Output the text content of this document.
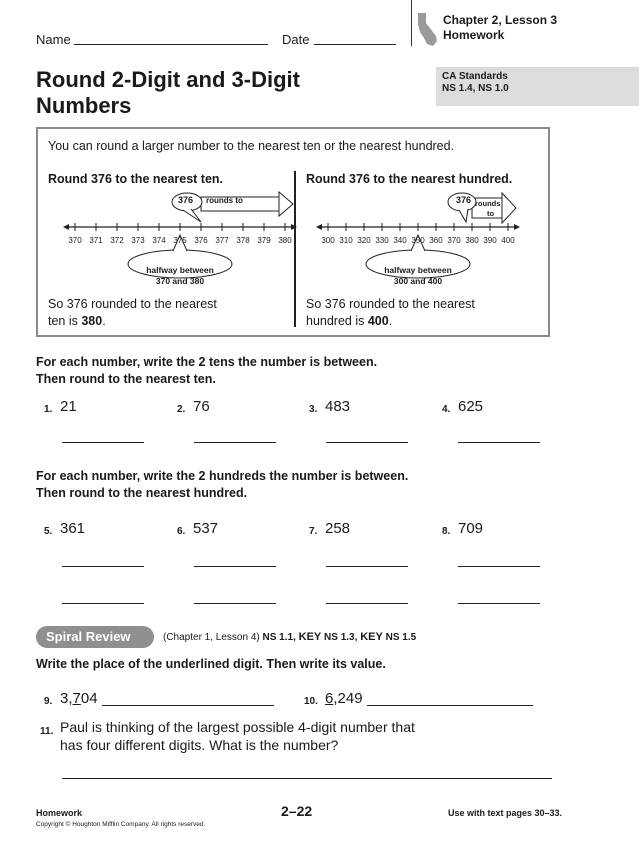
Name	Date
Chapter 2, Lesson 3
Homework
Round 2-Digit and 3-Digit
Numbers
CA Standards
NS 1.4, NS 1.0
You can round a larger number to the nearest ten or the nearest hundred.
Round 376 to the nearest ten.
376 rounds to
370 371 372 373 374 375 376 377 378 379 380
halfway between
370 and 380
So 376 rounded to the nearest
ten is 380.
Round 376 to the nearest hundred.
376 rounds
to
300 310 320 330 340 350 360 370 380 390 400
halfway between
300 and 400
So 376 rounded to the nearest
hundred is 400.
For each number, write the 2 tens the number is between.
Then round to the nearest ten.
1. 21	2. 76	3. 483	4. 625
For each number, write the 2 hundreds the number is between.
Then round to the nearest hundred.
5. 361	6. 537	7. 258	8. 709
Spiral Review	(Chapter 1, Lesson 4) NS 1.1, KEY NS 1.3, KEY NS 1.5
Write the place of the underlined digit. Then write its value.
9. 3,704	10. 6,249
11. Paul is thinking of the largest possible 4-digit number that
has four different digits. What is the number?
Homework
Copyright © Houghton Mifflin Company. All rights reserved.
2–22	Use with text pages 30–33.
